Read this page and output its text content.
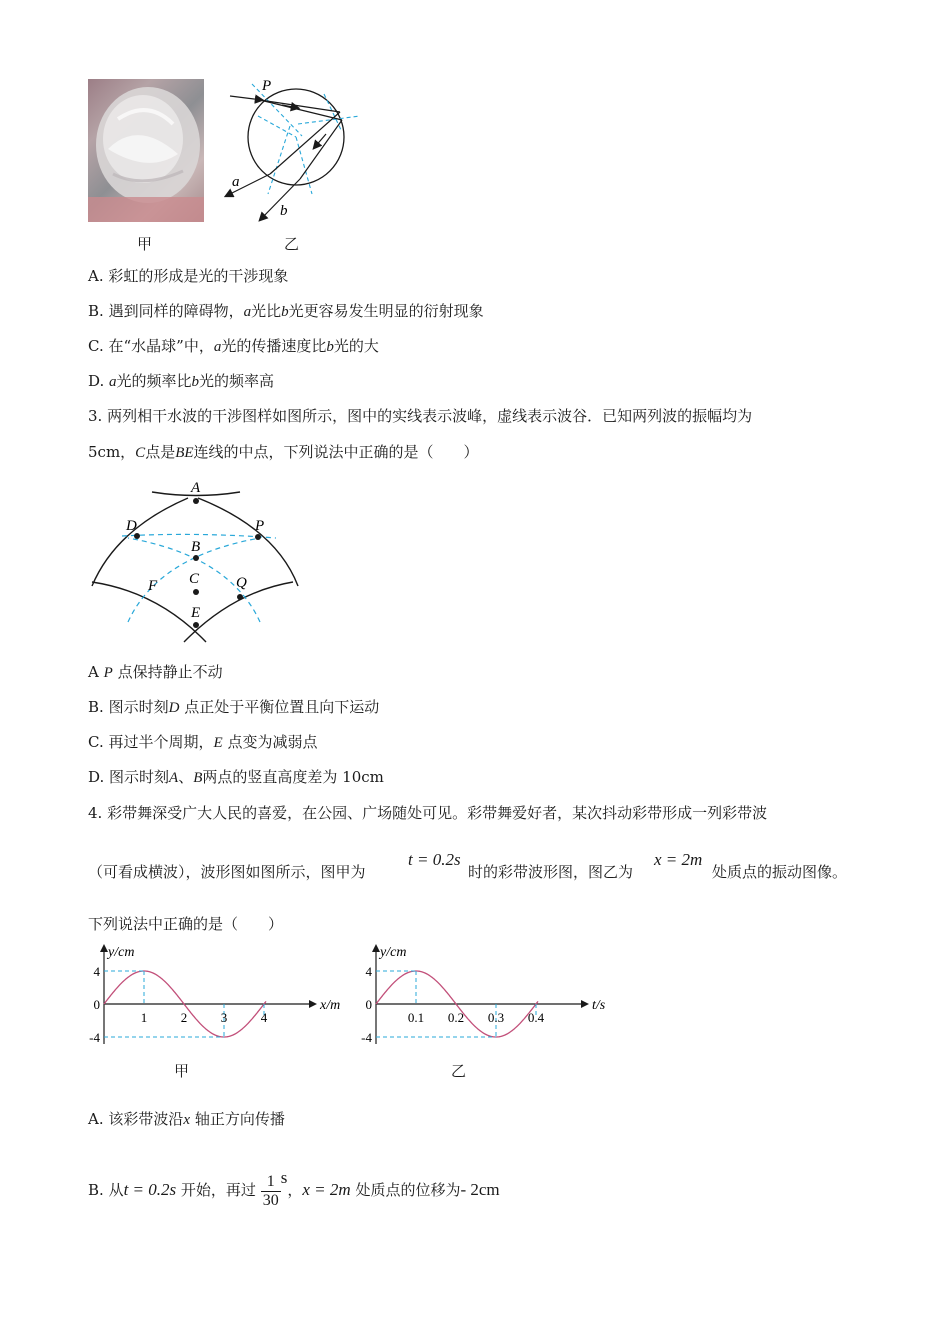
甲
P
a
b
乙
A. 彩虹的形成是光的干涉现象
B. 遇到同样的障碍物，a光比b光更容易发生明显的衍射现象
C. 在“水晶球”中，a光的传播速度比b光的大
D. a光的频率比b光的频率高
3. 两列相干水波的干涉图样如图所示，图中的实线表示波峰，虚线表示波谷．已知两列波的振幅均为
5cm，C点是BE连线的中点，下列说法中正确的是（　　）
A
D	P
B
C
F	Q
E
A P 点保持静止不动
B. 图示时刻D 点正处于平衡位置且向下运动
C. 再过半个周期，E 点变为减弱点
D. 图示时刻A、B两点的竖直高度差为 10cm
4. 彩带舞深受广大人民的喜爱，在公园、广场随处可见。彩带舞爱好者，某次抖动彩带形成一列彩带波
（可看成横波），波形图如图所示，图甲为
t = 0.2s
时的彩带波形图，图乙为
x = 2m
处质点的振动图像。
下列说法中正确的是（　　）
y/cm
x/m
4
0
-4
1	2	3	4
甲
y/cm
t/s
4
0
-4
0.1 0.2 0.3 0.4
乙
A. 该彩带波沿x 轴正方向传播
B. 从t = 0.2s 开始，再过 $\frac{1}{30}$ s，x = 2m 处质点的位移为- 2cm
